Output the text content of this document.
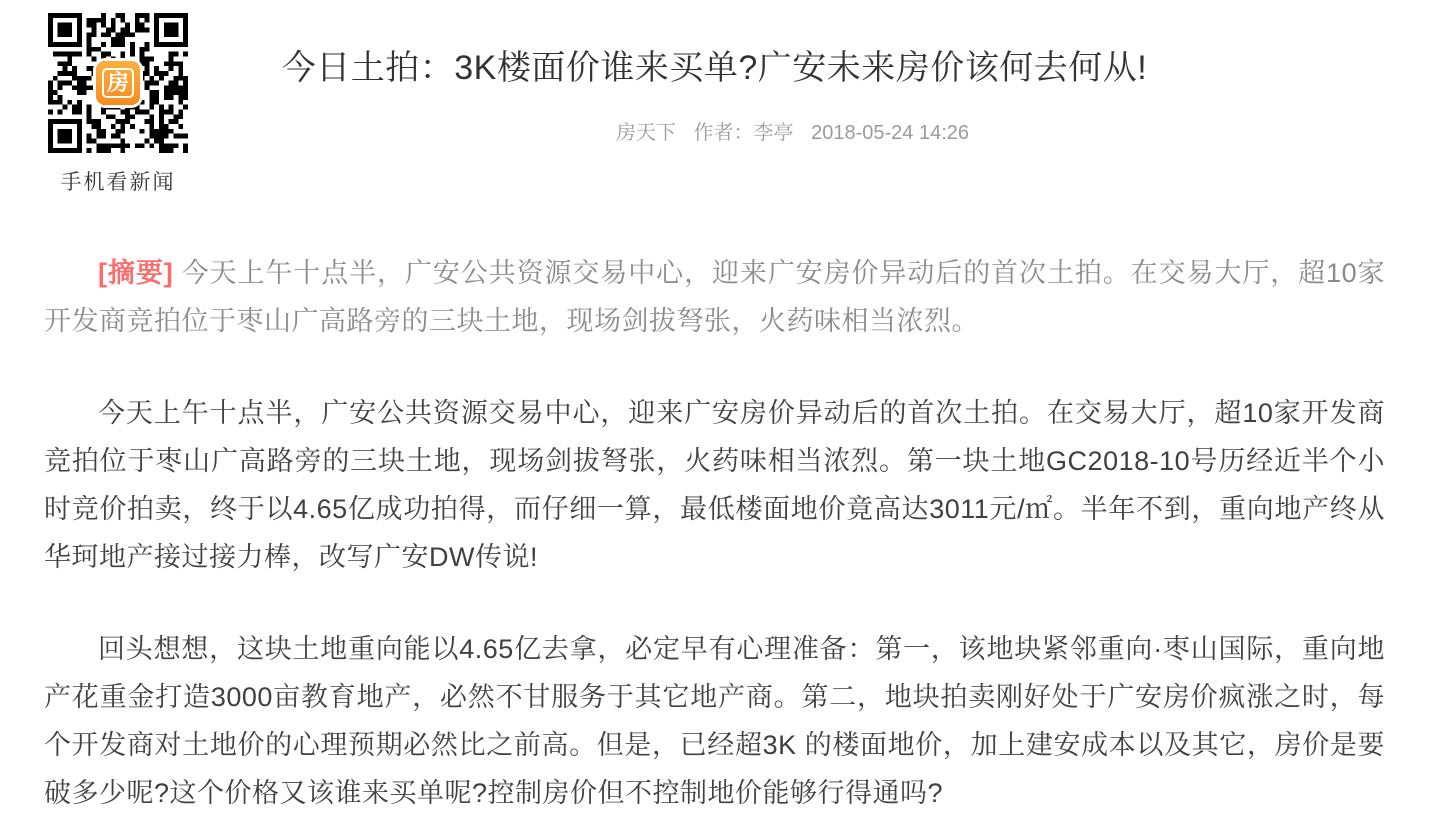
房
手机看新闻
今日土拍：3K楼面价谁来买单?广安未来房价该何去何从!
房天下 作者：李亭 2018-05-24 14:26

[摘要] 今天上午十点半，广安公共资源交易中心，迎来广安房价异动后的首次土拍。在交易大厅，超10家开发商竞拍位于枣山广高路旁的三块土地，现场剑拔弩张，火药味相当浓烈。

今天上午十点半，广安公共资源交易中心，迎来广安房价异动后的首次土拍。在交易大厅，超10家开发商竞拍位于枣山广高路旁的三块土地，现场剑拔弩张，火药味相当浓烈。第一块土地GC2018-10号历经近半个小时竞价拍卖，终于以4.65亿成功拍得，而仔细一算，最低楼面地价竟高达3011元/㎡。半年不到，重向地产终从华珂地产接过接力棒，改写广安DW传说!

回头想想，这块土地重向能以4.65亿去拿，必定早有心理准备：第一，该地块紧邻重向·枣山国际，重向地产花重金打造3000亩教育地产，必然不甘服务于其它地产商。第二，地块拍卖刚好处于广安房价疯涨之时，每个开发商对土地价的心理预期必然比之前高。但是，已经超3K 的楼面地价，加上建安成本以及其它，房价是要破多少呢?这个价格又该谁来买单呢?控制房价但不控制地价能够行得通吗?
